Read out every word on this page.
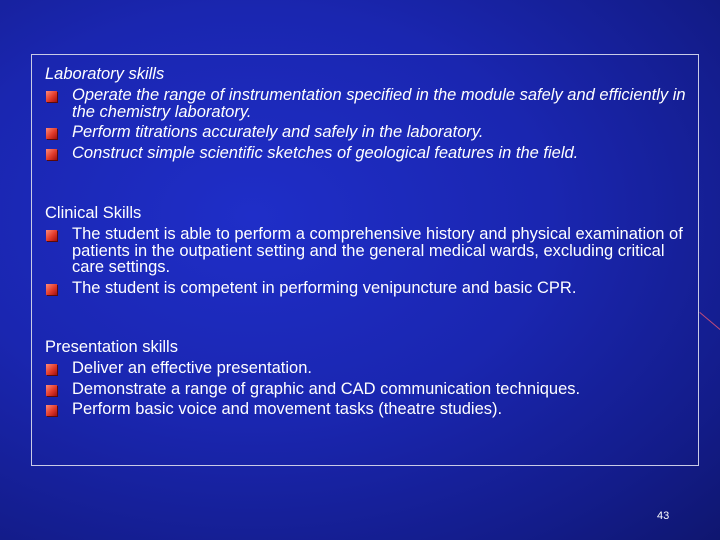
Laboratory skills
Operate the range of instrumentation specified in the module safely and efficiently in the chemistry laboratory.
Perform titrations accurately and safely in the laboratory.
Construct simple scientific sketches of geological features in the field.
Clinical Skills
The student is able to perform a comprehensive history and physical examination of patients in the outpatient setting and the general medical wards, excluding critical care settings.
The student is competent in performing venipuncture and basic CPR.
Presentation skills
Deliver an effective presentation.
Demonstrate a range of graphic and CAD communication techniques.
Perform basic voice and movement tasks (theatre studies).
43
